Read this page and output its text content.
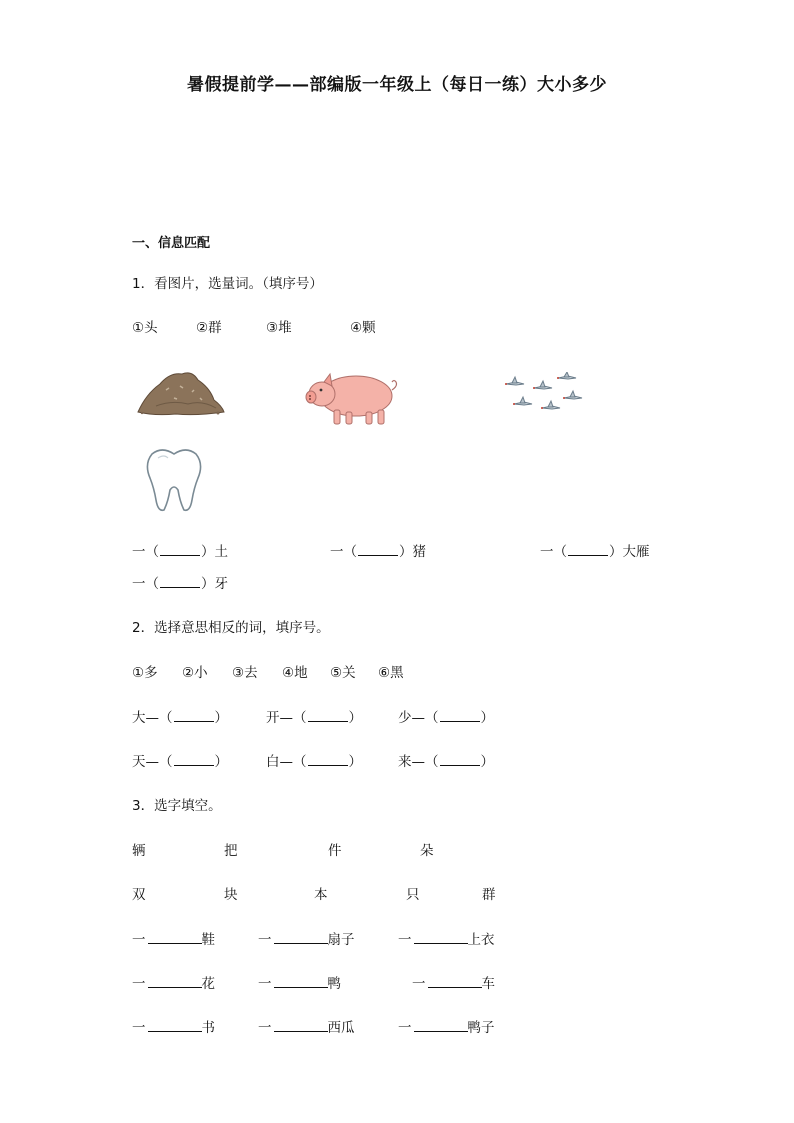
暑假提前学——部编版一年级上（每日一练）大小多少
一、信息匹配
1．看图片，选量词。（填序号）
①头	②群	③堆	④颗
一（	）土	一（	）猪	一（	）大雁
一（	）牙
2．选择意思相反的词，填序号。
①多 ②小 ③去 ④地 ⑤关 ⑥黑
大—（	）	开—（	）	少—（	）
天—（	）	白—（	）	来—（	）
3．选字填空。
辆	把	件	朵
双	块	本	只	群
一	鞋	一	扇子	一	上衣
一	花	一	鸭	一	车
一	书	一	西瓜	一	鸭子
